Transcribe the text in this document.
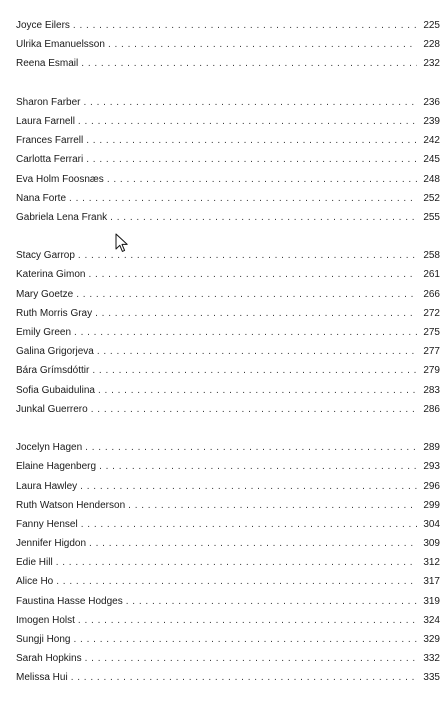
Joyce Eilers . . .	225
Ulrika Emanuelsson . . .	228
Reena Esmail . . .	232
Sharon Farber . . .	236
Laura Farnell . . .	239
Frances Farrell . . .	242
Carlotta Ferrari . . .	245
Eva Holm Foosnæs . . .	248
Nana Forte . . .	252
Gabriela Lena Frank . . .	255
Stacy Garrop . . .	258
Katerina Gimon . . .	261
Mary Goetze . . .	266
Ruth Morris Gray . . .	272
Emily Green . . .	275
Galina Grigorjeva . . .	277
Bára Grímsdóttir . . .	279
Sofia Gubaidulina . . .	283
Junkal Guerrero . . .	286
Jocelyn Hagen . . .	289
Elaine Hagenberg . . .	293
Laura Hawley . . .	296
Ruth Watson Henderson . . .	299
Fanny Hensel . . .	304
Jennifer Higdon . . .	309
Edie Hill . . .	312
Alice Ho . . .	317
Faustina Hasse Hodges . . .	319
Imogen Holst . . .	324
Sungji Hong . . .	329
Sarah Hopkins . . .	332
Melissa Hui . . .	335
